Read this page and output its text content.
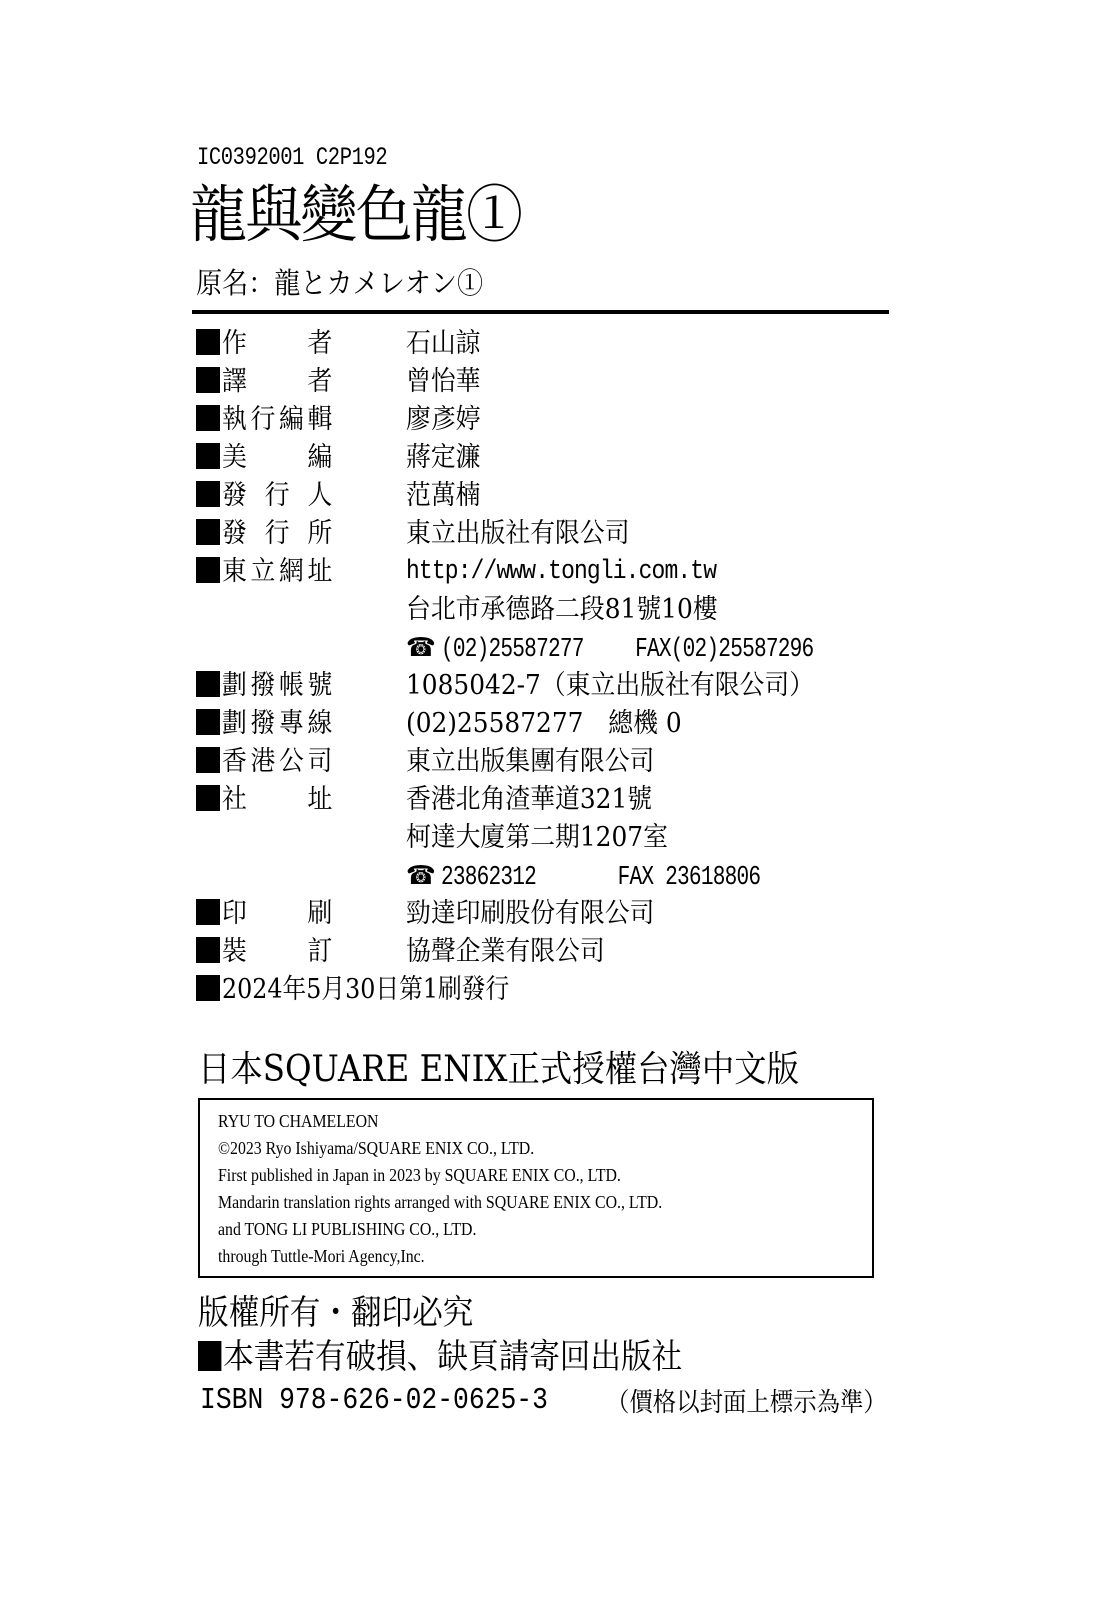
IC0392001 C2P192
龍與變色龍①
原名：龍とカメレオン①
作　者	石山諒
譯　者	曾怡華
執行編輯	廖彥婷
美　編	蔣定濂
發行人	范萬楠
發行所	東立出版社有限公司
東立網址	http://www.tongli.com.tw
台北市承德路二段81號10樓
☎ (02)25587277 FAX(02)25587296
劃撥帳號	1085042-7（東立出版社有限公司）
劃撥專線	(02)25587277　總機 0
香港公司	東立出版集團有限公司
社　址	香港北角渣華道321號
柯達大廈第二期1207室
☎ 23862312	FAX 23618806
印　刷	勁達印刷股份有限公司
裝　訂	協聲企業有限公司
2024年5月30日第1刷發行
日本SQUARE ENIX正式授權台灣中文版
RYU TO CHAMELEON
©2023 Ryo Ishiyama/SQUARE ENIX CO., LTD.
First published in Japan in 2023 by SQUARE ENIX CO., LTD.
Mandarin translation rights arranged with SQUARE ENIX CO., LTD.
and TONG LI PUBLISHING CO., LTD.
through Tuttle-Mori Agency,Inc.
版權所有・翻印必究
本書若有破損、缺頁請寄回出版社
ISBN 978-626-02-0625-3 （價格以封面上標示為準）
